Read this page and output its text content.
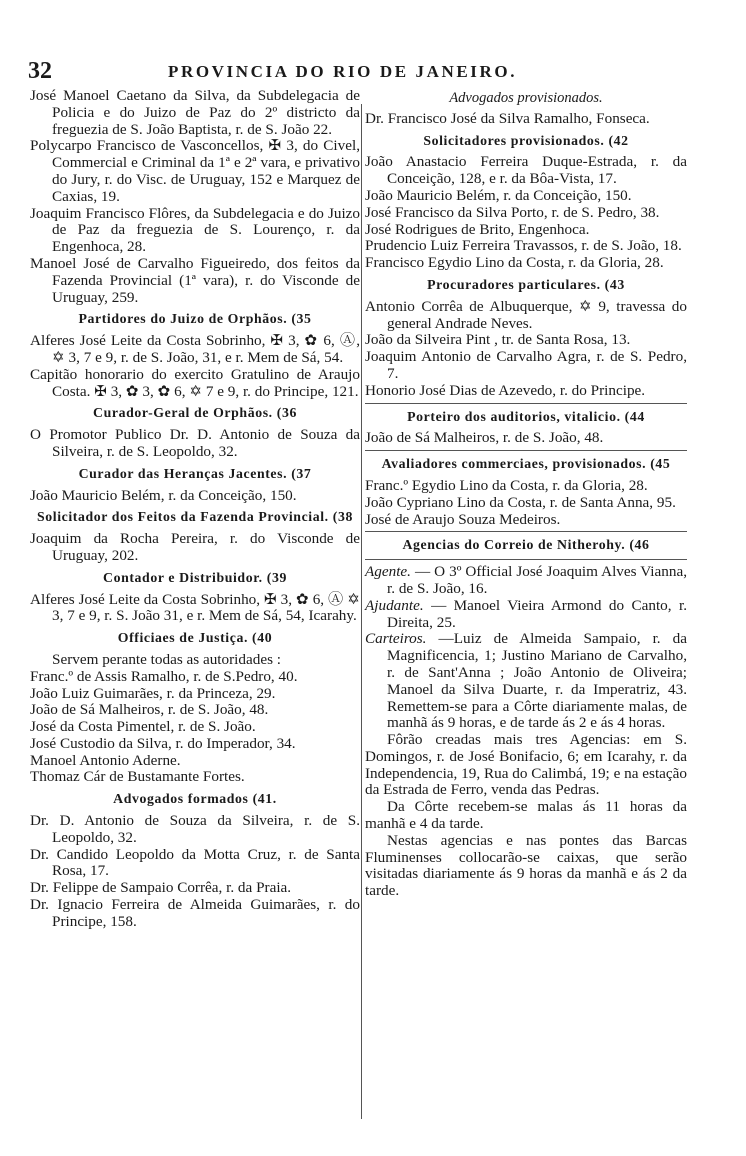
32	PROVINCIA DO RIO DE JANEIRO.

José Manoel Caetano da Silva, da Subdelegacia de Policia e do Juizo de Paz do 2º districto da freguezia de S. João Baptista, r. de S. João 22.

Polycarpo Francisco de Vasconcellos, ✠ 3, do Civel, Commercial e Criminal da 1ª e 2ª vara, e privativo do Jury, r. do Visc. de Uruguay, 152 e Marquez de Caxias, 19.

Joaquim Francisco Flôres, da Subdelegacia e do Juizo de Paz da freguezia de S. Lourenço, r. da Engenhoca, 28.

Manoel José de Carvalho Figueiredo, dos feitos da Fazenda Provincial (1ª vara), r. do Visconde de Uruguay, 259.

Partidores do Juizo de Orphãos. (35

Alferes José Leite da Costa Sobrinho, ✠ 3, ✿ 6, Ⓐ, ✡ 3, 7 e 9, r. de S. João, 31, e r. Mem de Sá, 54.

Capitão honorario do exercito Gratulino de Araujo Costa. ✠ 3, ✿ 3, ✿ 6, ✡ 7 e 9, r. do Principe, 121.

Curador-Geral de Orphãos. (36

O Promotor Publico Dr. D. Antonio de Souza da Silveira, r. de S. Leopoldo, 32.

Curador das Heranças Jacentes. (37

João Mauricio Belém, r. da Conceição, 150.

Solicitador dos Feitos da Fazenda Provincial. (38

Joaquim da Rocha Pereira, r. do Visconde de Uruguay, 202.

Contador e Distribuidor. (39

Alferes José Leite da Costa Sobrinho, ✠ 3, ✿ 6, Ⓐ ✡ 3, 7 e 9, r. S. João 31, e r. Mem de Sá, 54, Icarahy.

Officiaes de Justiça. (40

Servem perante todas as autoridades :

Franc.º de Assis Ramalho, r. de S.Pedro, 40.

João Luiz Guimarães, r. da Princeza, 29.

João de Sá Malheiros, r. de S. João, 48.

José da Costa Pimentel, r. de S. João.

José Custodio da Silva, r. do Imperador, 34.

Manoel Antonio Aderne.

Thomaz Cár de Bustamante Fortes.

Advogados formados (41.

Dr. D. Antonio de Souza da Silveira, r. de S. Leopoldo, 32.

Dr. Candido Leopoldo da Motta Cruz, r. de Santa Rosa, 17.

Dr. Felippe de Sampaio Corrêa, r. da Praia.

Dr. Ignacio Ferreira de Almeida Guimarães, r. do Principe, 158.

Advogados provisionados.

Dr. Francisco José da Silva Ramalho, Fonseca.

Solicitadores provisionados. (42

João Anastacio Ferreira Duque-Estrada, r. da Conceição, 128, e r. da Bôa-Vista, 17.

João Mauricio Belém, r. da Conceição, 150.

José Francisco da Silva Porto, r. de S. Pedro, 38.

José Rodrigues de Brito, Engenhoca.

Prudencio Luiz Ferreira Travassos, r. de S. João, 18.

Francisco Egydio Lino da Costa, r. da Gloria, 28.

Procuradores particulares. (43

Antonio Corrêa de Albuquerque, ✡ 9, travessa do general Andrade Neves.

João da Silveira Pint , tr. de Santa Rosa, 13.

Joaquim Antonio de Carvalho Agra, r. de S. Pedro, 7.

Honorio José Dias de Azevedo, r. do Principe.

Porteiro dos auditorios, vitalicio. (44

João de Sá Malheiros, r. de S. João, 48.

Avaliadores commerciaes, provisionados. (45

Franc.º Egydio Lino da Costa, r. da Gloria, 28.

João Cypriano Lino da Costa, r. de Santa Anna, 95.

José de Araujo Souza Medeiros.

Agencias do Correio de Nitherohy. (46

Agente. — O 3º Official José Joaquim Alves Vianna, r. de S. João, 16.

Ajudante. — Manoel Vieira Armond do Canto, r. Direita, 25.

Carteiros. —Luiz de Almeida Sampaio, r. da Magnificencia, 1; Justino Mariano de Carvalho, r. de Sant'Anna ; João Antonio de Oliveira; Manoel da Silva Duarte, r. da Imperatriz, 43. Remettem-se para a Côrte diariamente malas, de manhã ás 9 horas, e de tarde ás 2 e ás 4 horas.

Fôrão creadas mais tres Agencias: em S. Domingos, r. de José Bonifacio, 6; em Icarahy, r. da Independencia, 19, Rua do Calimbá, 19; e na estação da Estrada de Ferro, venda das Pedras.

Da Côrte recebem-se malas ás 11 horas da manhã e 4 da tarde.

Nestas agencias e nas pontes das Barcas Fluminenses collocarão-se caixas, que serão visitadas diariamente ás 9 horas da manhã e ás 2 da tarde.
